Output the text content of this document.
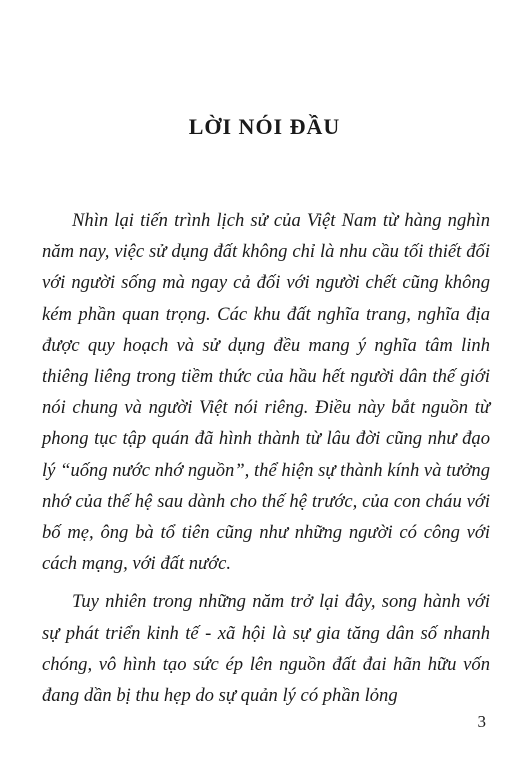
LỜI NÓI ĐẦU

Nhìn lại tiến trình lịch sử của Việt Nam từ hàng nghìn năm nay, việc sử dụng đất không chỉ là nhu cầu tối thiết đối với người sống mà ngay cả đối với người chết cũng không kém phần quan trọng. Các khu đất nghĩa trang, nghĩa địa được quy hoạch và sử dụng đều mang ý nghĩa tâm linh thiêng liêng trong tiềm thức của hầu hết người dân thế giới nói chung và người Việt nói riêng. Điều này bắt nguồn từ phong tục tập quán đã hình thành từ lâu đời cũng như đạo lý “uống nước nhớ nguồn”, thể hiện sự thành kính và tưởng nhớ của thế hệ sau dành cho thế hệ trước, của con cháu với bố mẹ, ông bà tổ tiên cũng như những người có công với cách mạng, với đất nước.

Tuy nhiên trong những năm trở lại đây, song hành với sự phát triển kinh tế - xã hội là sự gia tăng dân số nhanh chóng, vô hình tạo sức ép lên nguồn đất đai hãn hữu vốn đang dần bị thu hẹp do sự quản lý có phần lỏng

3
